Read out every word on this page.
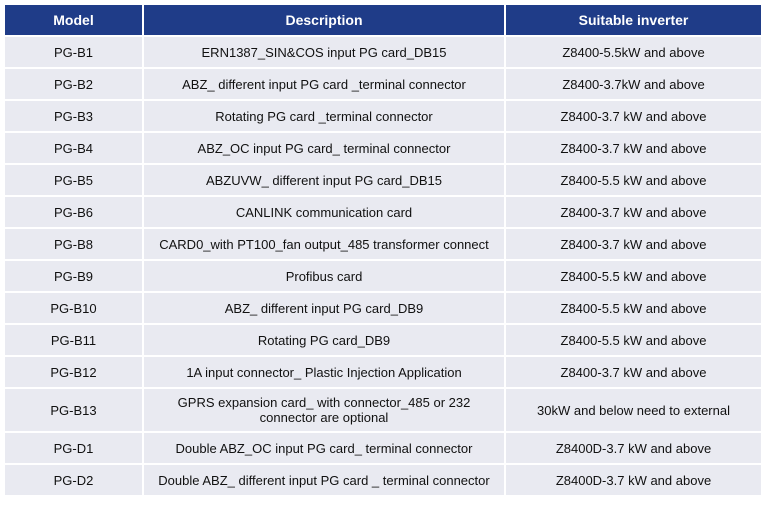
Model	Description	Suitable inverter
PG-B1	ERN1387_SIN&COS input PG card_DB15	Z8400-5.5kW and above
PG-B2	ABZ_ different input PG card _terminal connector	Z8400-3.7kW and above
PG-B3	Rotating PG card _terminal connector	Z8400-3.7 kW and above
PG-B4	ABZ_OC input PG card_ terminal connector	Z8400-3.7 kW and above
PG-B5	ABZUVW_ different input PG card_DB15	Z8400-5.5 kW and above
PG-B6	CANLINK communication card	Z8400-3.7 kW and above
PG-B8	CARD0_with PT100_fan output_485 transformer connect	Z8400-3.7 kW and above
PG-B9	Profibus card	Z8400-5.5 kW and above
PG-B10	ABZ_ different input PG card_DB9	Z8400-5.5 kW and above
PG-B11	Rotating PG card_DB9	Z8400-5.5 kW and above
PG-B12	1A input connector_ Plastic Injection Application	Z8400-3.7 kW and above
PG-B13	GPRS expansion card_ with connector_485 or 232 connector are optional	30kW and below need to external
PG-D1	Double ABZ_OC input PG card_ terminal connector	Z8400D-3.7 kW and above
PG-D2	Double ABZ_ different input PG card _ terminal connector	Z8400D-3.7 kW and above
